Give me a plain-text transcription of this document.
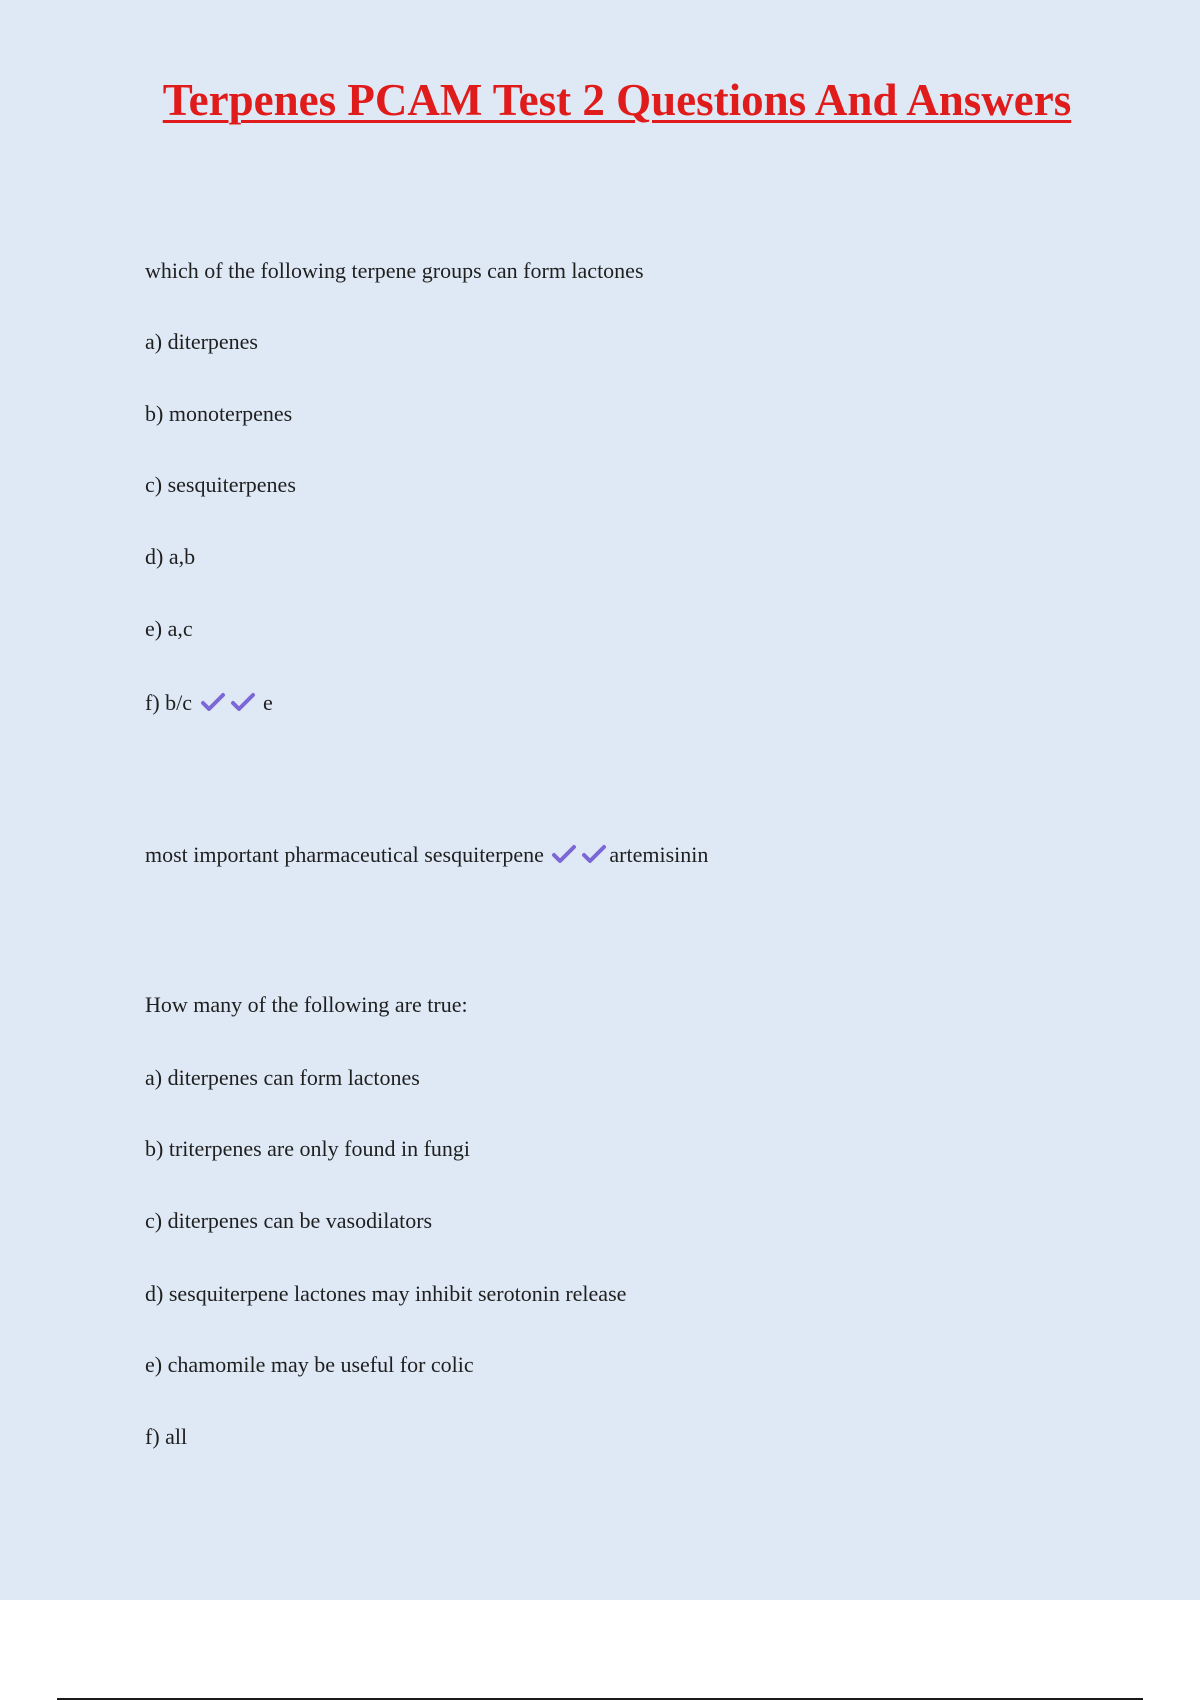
Terpenes PCAM Test 2 Questions And Answers

which of the following terpene groups can form lactones

a) diterpenes

b) monoterpenes

c) sesquiterpenes

d) a,b

e) a,c

f) b/c	e

most important pharmaceutical sesquiterpene	artemisinin

How many of the following are true:

a) diterpenes can form lactones

b) triterpenes are only found in fungi

c) diterpenes can be vasodilators

d) sesquiterpene lactones may inhibit serotonin release

e) chamomile may be useful for colic

f) all
